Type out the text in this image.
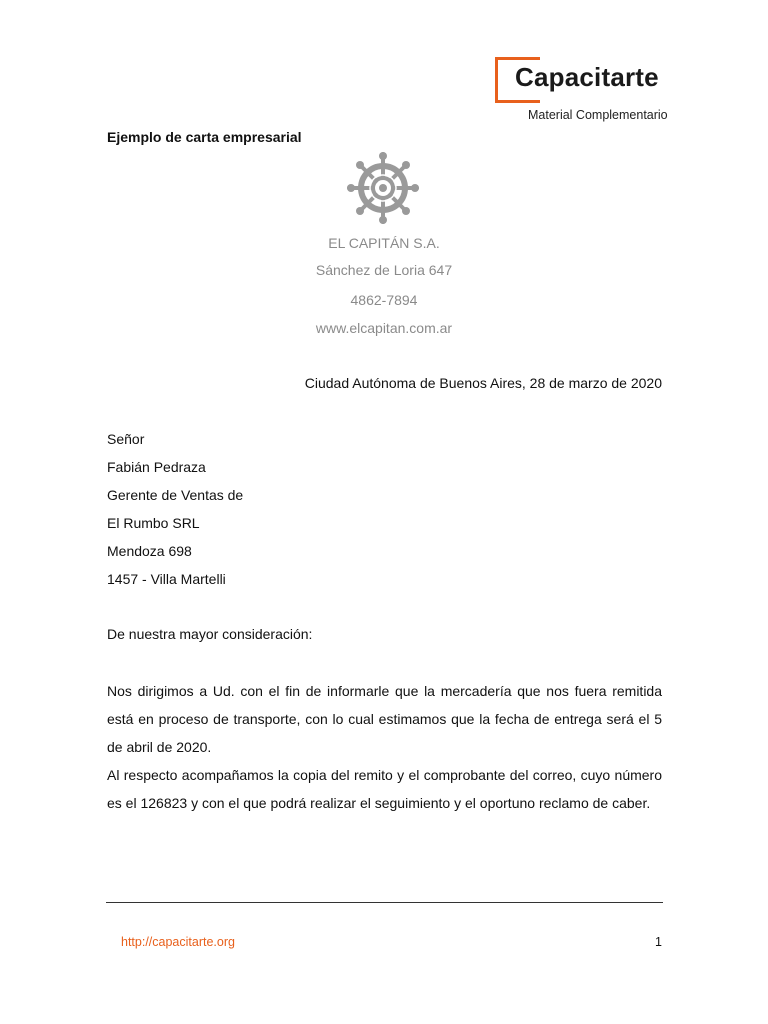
Capacitarte
Material Complementario
Ejemplo de carta empresarial
EL CAPITÁN S.A.
Sánchez de Loria 647
4862-7894
www.elcapitan.com.ar
Ciudad Autónoma de Buenos Aires, 28 de marzo de 2020
Señor
Fabián Pedraza
Gerente de Ventas de
El Rumbo SRL
Mendoza 698
1457 - Villa Martelli
De nuestra mayor consideración:
Nos dirigimos a Ud. con el fin de informarle que la mercadería que nos fuera remitida está en proceso de transporte, con lo cual estimamos que la fecha de entrega será el 5 de abril de 2020.
Al respecto acompañamos la copia del remito y el comprobante del correo, cuyo número es el 126823 y con el que podrá realizar el seguimiento y el oportuno reclamo de caber.
http://capacitarte.org	1
